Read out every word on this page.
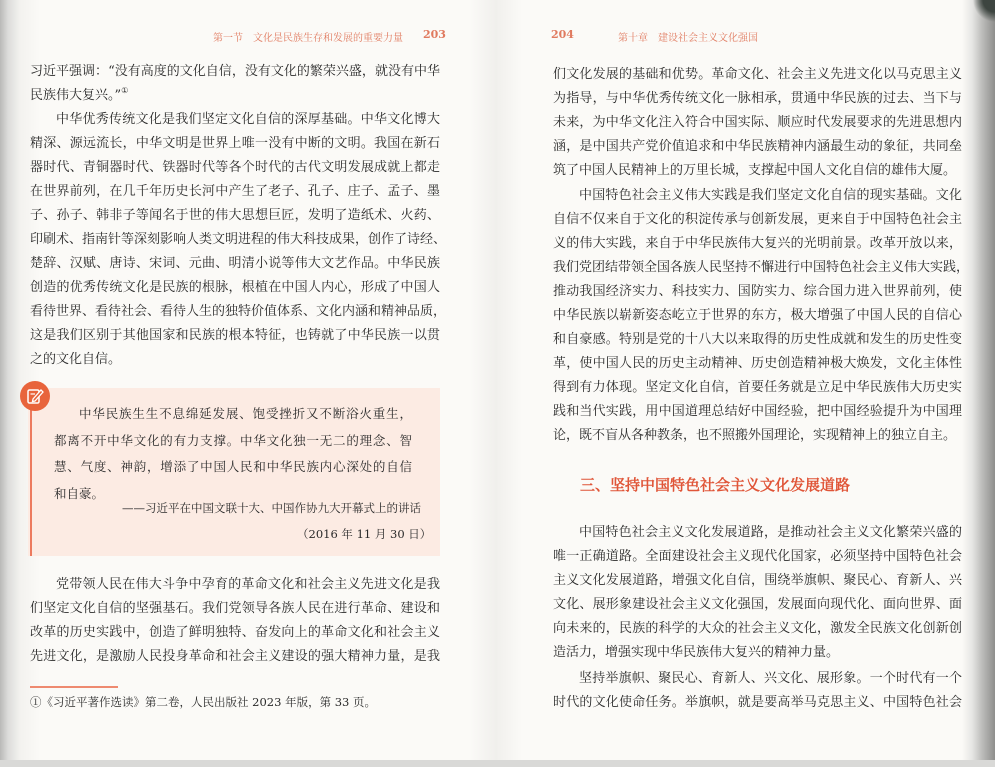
第一节　文化是民族生存和发展的重要力量 203	204	第十章　建设社会主义文化强国
习近平强调：“没有高度的文化自信，没有文化的繁荣兴盛，就没有中华
民族伟大复兴。”①
中华优秀传统文化是我们坚定文化自信的深厚基础。中华文化博大
精深、源远流长，中华文明是世界上唯一没有中断的文明。我国在新石
器时代、青铜器时代、铁器时代等各个时代的古代文明发展成就上都走
在世界前列，在几千年历史长河中产生了老子、孔子、庄子、孟子、墨
子、孙子、韩非子等闻名于世的伟大思想巨匠，发明了造纸术、火药、
印刷术、指南针等深刻影响人类文明进程的伟大科技成果，创作了诗经、
楚辞、汉赋、唐诗、宋词、元曲、明清小说等伟大文艺作品。中华民族
创造的优秀传统文化是民族的根脉，根植在中国人内心，形成了中国人
看待世界、看待社会、看待人生的独特价值体系、文化内涵和精神品质，
这是我们区别于其他国家和民族的根本特征，也铸就了中华民族一以贯
之的文化自信。
中华民族生生不息绵延发展、饱受挫折又不断浴火重生，
都离不开中华文化的有力支撑。中华文化独一无二的理念、智
慧、气度、神韵，增添了中国人民和中华民族内心深处的自信
和自豪。
——习近平在中国文联十大、中国作协九大开幕式上的讲话
（2016 年 11 月 30 日）
党带领人民在伟大斗争中孕育的革命文化和社会主义先进文化是我
们坚定文化自信的坚强基石。我们党领导各族人民在进行革命、建设和
改革的历史实践中，创造了鲜明独特、奋发向上的革命文化和社会主义
先进文化，是激励人民投身革命和社会主义建设的强大精神力量，是我
①《习近平著作选读》第二卷，人民出版社 2023 年版，第 33 页。
们文化发展的基础和优势。革命文化、社会主义先进文化以马克思主义
为指导，与中华优秀传统文化一脉相承，贯通中华民族的过去、当下与
未来，为中华文化注入符合中国实际、顺应时代发展要求的先进思想内
涵，是中国共产党价值追求和中华民族精神内涵最生动的象征，共同垒
筑了中国人民精神上的万里长城，支撑起中国人文化自信的雄伟大厦。
中国特色社会主义伟大实践是我们坚定文化自信的现实基础。文化
自信不仅来自于文化的积淀传承与创新发展，更来自于中国特色社会主
义的伟大实践，来自于中华民族伟大复兴的光明前景。改革开放以来，
我们党团结带领全国各族人民坚持不懈进行中国特色社会主义伟大实践，
推动我国经济实力、科技实力、国防实力、综合国力进入世界前列，使
中华民族以崭新姿态屹立于世界的东方，极大增强了中国人民的自信心
和自豪感。特别是党的十八大以来取得的历史性成就和发生的历史性变
革，使中国人民的历史主动精神、历史创造精神极大焕发，文化主体性
得到有力体现。坚定文化自信，首要任务就是立足中华民族伟大历史实
践和当代实践，用中国道理总结好中国经验，把中国经验提升为中国理
论，既不盲从各种教条，也不照搬外国理论，实现精神上的独立自主。
三、坚持中国特色社会主义文化发展道路
中国特色社会主义文化发展道路，是推动社会主义文化繁荣兴盛的
唯一正确道路。全面建设社会主义现代化国家，必须坚持中国特色社会
主义文化发展道路，增强文化自信，围绕举旗帜、聚民心、育新人、兴
文化、展形象建设社会主义文化强国，发展面向现代化、面向世界、面
向未来的，民族的科学的大众的社会主义文化，激发全民族文化创新创
造活力，增强实现中华民族伟大复兴的精神力量。
坚持举旗帜、聚民心、育新人、兴文化、展形象。一个时代有一个
时代的文化使命任务。举旗帜，就是要高举马克思主义、中国特色社会
